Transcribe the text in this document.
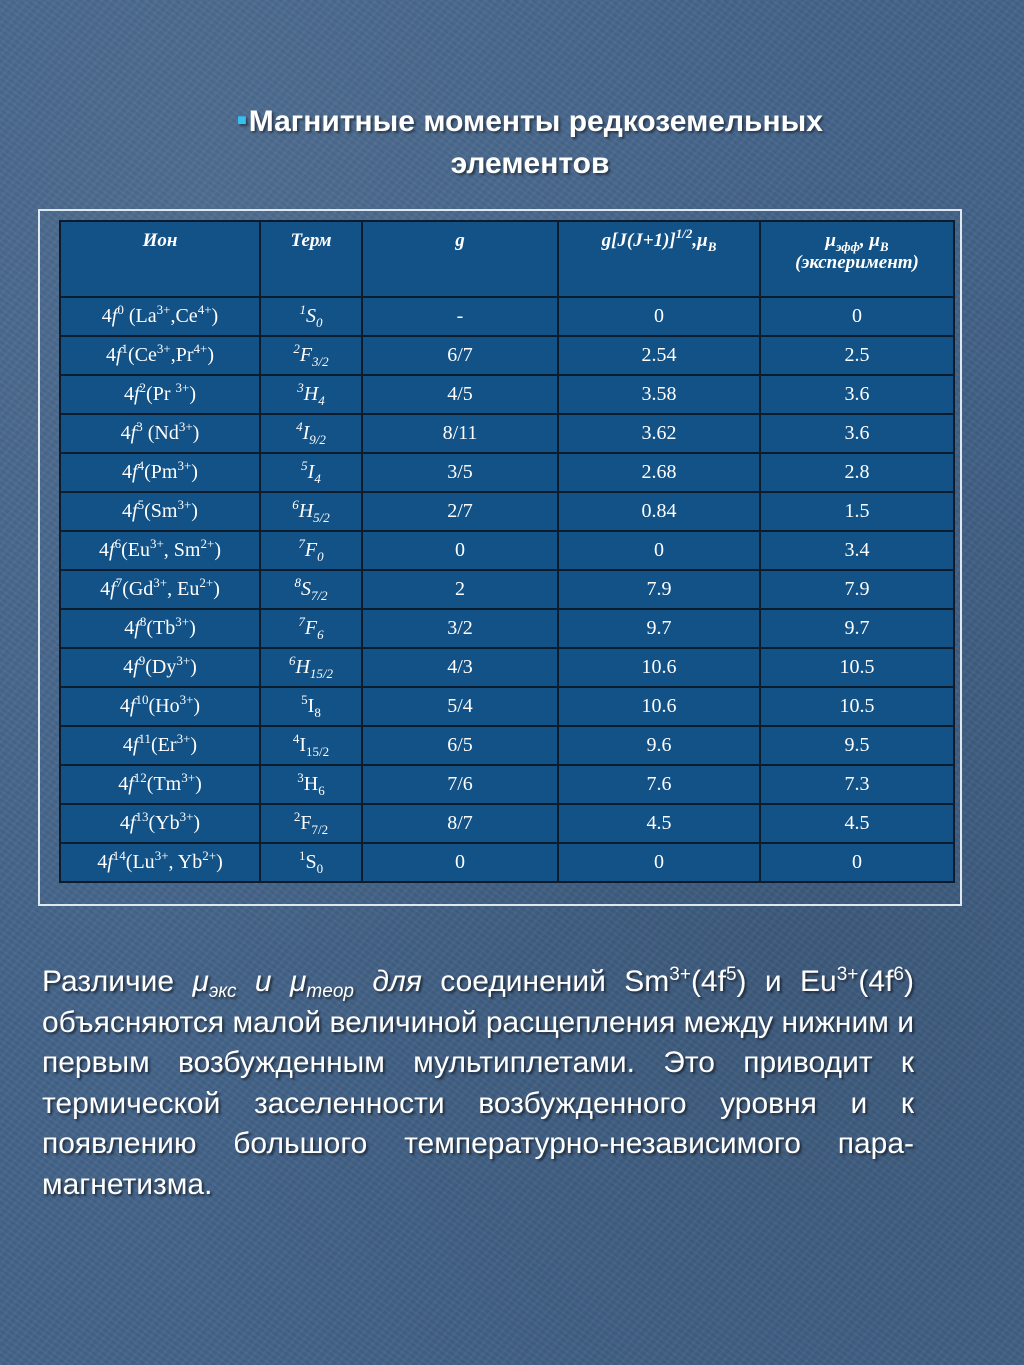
■Магнитные моменты редкоземельных
элементов
Ион	Терм	g	$g[J(J+1)]^{1/2},\mu_B$	$\mu_{эфф}$, $\mu_B$
(эксперимент)
$4f^0$ $(La^{3+},Ce^{4+})$	$^1S_0$	-	0	0
$4f^1(Ce^{3+},Pr^{4+})$	$^2F_{3/2}$	6/7	2.54	2.5
$4f^2(Pr$ $^{3+}$)	$^3H_4$	4/5	3.58	3.6
$4f^3$ $(Nd^{3+})$	$^4I_{9/2}$	8/11	3.62	3.6
$4f^4(Pm^{3+})$	$^5I_4$	3/5	2.68	2.8
$4f^5(Sm^{3+})$	$^6H_{5/2}$	2/7	0.84	1.5
$4f^6(Eu^{3+}$, $Sm^{2+}$)	$^7F_0$	0	0	3.4
$4f^7(Gd^{3+}$, $Eu^{2+}$)	$^8S_{7/2}$	2	7.9	7.9
$4f^8(Tb^{3+})$	$^7F_6$	3/2	9.7	9.7
$4f^9(Dy^{3+})$	$^6H_{15/2}$	4/3	10.6	10.5
$4f^{10}(Ho^{3+})$	$^5I_8$	5/4	10.6	10.5
$4f^{11}(Er^{3+})$	$^4I_{15/2}$	6/5	9.6	9.5
$4f^{12}(Tm^{3+})$	$^3H_6$	7/6	7.6	7.3
$4f^{13}(Yb^{3+})$	$^2F_{7/2}$	8/7	4.5	4.5
$4f^{14}(Lu^{3+}$, $Yb^{2+}$)	$^1S_0$	0	0	0

Различие $\mu_{экс}$ и $\mu_{теор}$ для соединений $Sm^{3+}(4f^5)$ и $Eu^{3+}(4f^6)$ объясняются малой величиной расщепления между нижним и первым возбужденным мультиплетами. Это приводит к термической заселенности возбужденного уровня и к появлению большого температурно-независимого пара-магнетизма.
